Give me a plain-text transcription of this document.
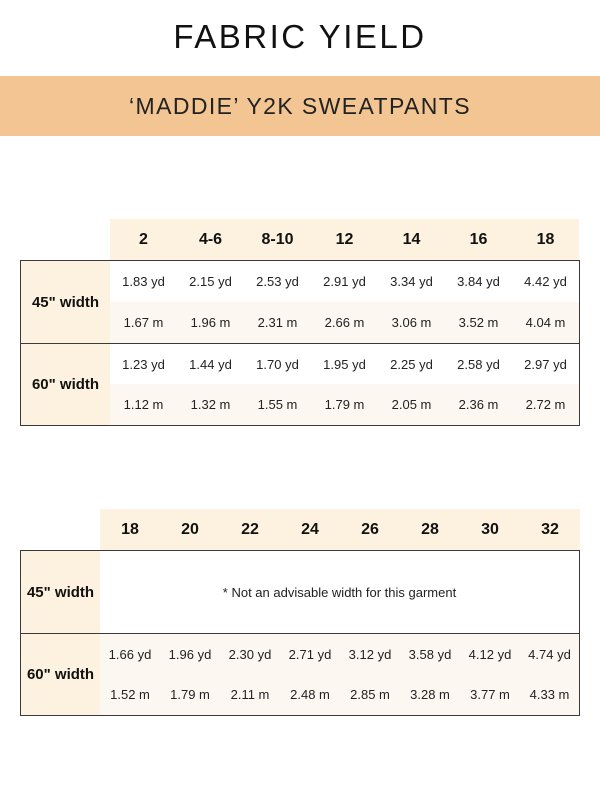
FABRIC YIELD
‘MADDIE’ Y2K SWEATPANTS
2	4-6	8-10	12	14	16	18
45" width
1.83 yd	2.15 yd	2.53 yd	2.91 yd	3.34 yd	3.84 yd	4.42 yd
1.67 m	1.96 m	2.31 m	2.66 m	3.06 m	3.52 m	4.04 m
60" width
1.23 yd	1.44 yd	1.70 yd	1.95 yd	2.25 yd	2.58 yd	2.97 yd
1.12 m	1.32 m	1.55 m	1.79 m	2.05 m	2.36 m	2.72 m
18	20	22	24	26	28	30	32
45" width	* Not an advisable width for this garment
60" width
1.66 yd	1.96 yd	2.30 yd	2.71 yd	3.12 yd	3.58 yd	4.12 yd	4.74 yd
1.52 m	1.79 m	2.11 m	2.48 m	2.85 m	3.28 m	3.77 m	4.33 m
